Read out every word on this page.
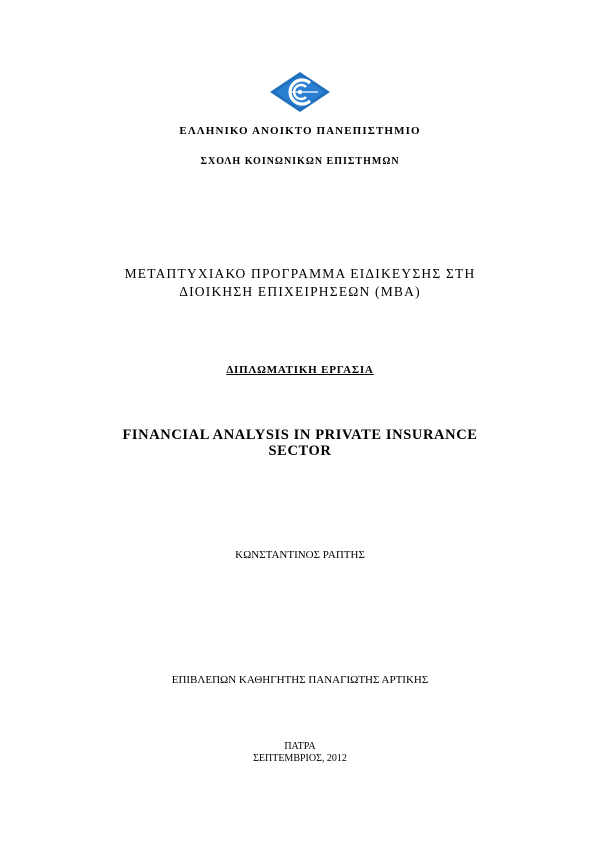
ΕΛΛΗΝΙΚΟ ΑΝΟΙΚΤΟ ΠΑΝΕΠΙΣΤΗΜΙΟ
ΣΧΟΛΗ ΚΟΙΝΩΝΙΚΩΝ ΕΠΙΣΤΗΜΩΝ
ΜΕΤΑΠΤΥΧΙΑΚΟ ΠΡΟΓΡΑΜΜΑ ΕΙΔΙΚΕΥΣΗΣ ΣΤΗ
ΔΙΟΙΚΗΣΗ ΕΠΙΧΕΙΡΗΣΕΩΝ (ΜΒΑ)
ΔΙΠΛΩΜΑΤΙΚΗ ΕΡΓΑΣΙΑ
FINANCIAL ANALYSIS IN PRIVATE INSURANCE
SECTOR
ΚΩΝΣΤΑΝΤΙΝΟΣ ΡΑΠΤΗΣ
ΕΠΙΒΛΕΠΩΝ ΚΑΘΗΓΗΤΗΣ ΠΑΝΑΓΙΩΤΗΣ ΑΡΤΙΚΗΣ
ΠΑΤΡΑ
ΣΕΠΤΕΜΒΡΙΟΣ, 2012
